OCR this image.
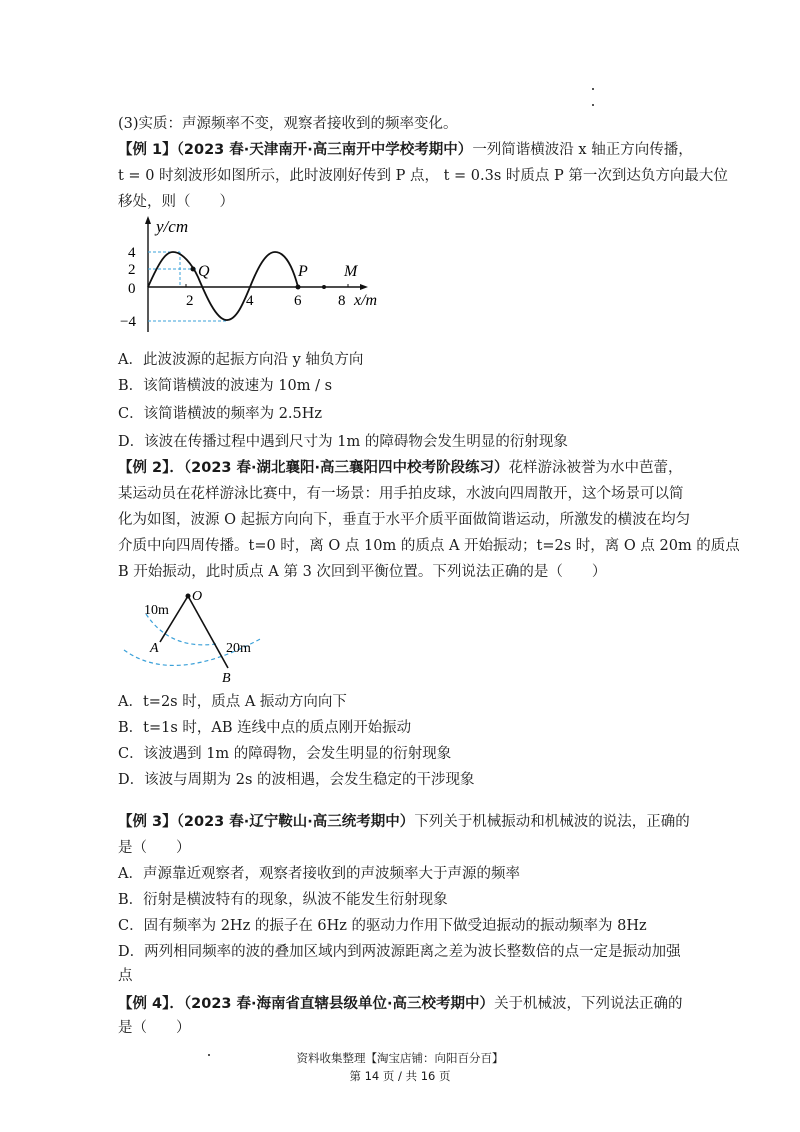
(3)实质：声源频率不变，观察者接收到的频率变化。
【例 1】（2023 春·天津南开·高三南开中学校考期中）一列简谐横波沿 x 轴正方向传播，
t = 0 时刻波形如图所示，此时波刚好传到 P 点， t = 0.3s 时质点 P 第一次到达负方向最大位
移处，则（　　）
y/cm
4
2
0
−4
2	4	6 8 x/m
Q	P M
A．此波波源的起振方向沿 y 轴负方向
B．该简谐横波的波速为 10m / s
C．该简谐横波的频率为 2.5Hz
D．该波在传播过程中遇到尺寸为 1m 的障碍物会发生明显的衍射现象
【例 2】．（2023 春·湖北襄阳·高三襄阳四中校考阶段练习）花样游泳被誉为水中芭蕾，
某运动员在花样游泳比赛中，有一场景：用手拍皮球，水波向四周散开，这个场景可以简
化为如图，波源 O 起振方向向下，垂直于水平介质平面做简谐运动，所激发的横波在均匀
介质中向四周传播。t=0 时，离 O 点 10m 的质点 A 开始振动；t=2s 时，离 O 点 20m 的质点
B 开始振动，此时质点 A 第 3 次回到平衡位置。下列说法正确的是（　　）
O
A
B
10m
20m
A．t=2s 时，质点 A 振动方向向下
B．t=1s 时，AB 连线中点的质点刚开始振动
C．该波遇到 1m 的障碍物，会发生明显的衍射现象
D．该波与周期为 2s 的波相遇，会发生稳定的干涉现象
【例 3】（2023 春·辽宁鞍山·高三统考期中）下列关于机械振动和机械波的说法，正确的
是（　　）
A．声源靠近观察者，观察者接收到的声波频率大于声源的频率
B．衍射是横波特有的现象，纵波不能发生衍射现象
C．固有频率为 2Hz 的振子在 6Hz 的驱动力作用下做受迫振动的振动频率为 8Hz
D．两列相同频率的波的叠加区域内到两波源距离之差为波长整数倍的点一定是振动加强
点
【例 4】．（2023 春·海南省直辖县级单位·高三校考期中）关于机械波，下列说法正确的
是（　　）
资料收集整理【淘宝店铺：向阳百分百】
第 14 页 / 共 16 页
